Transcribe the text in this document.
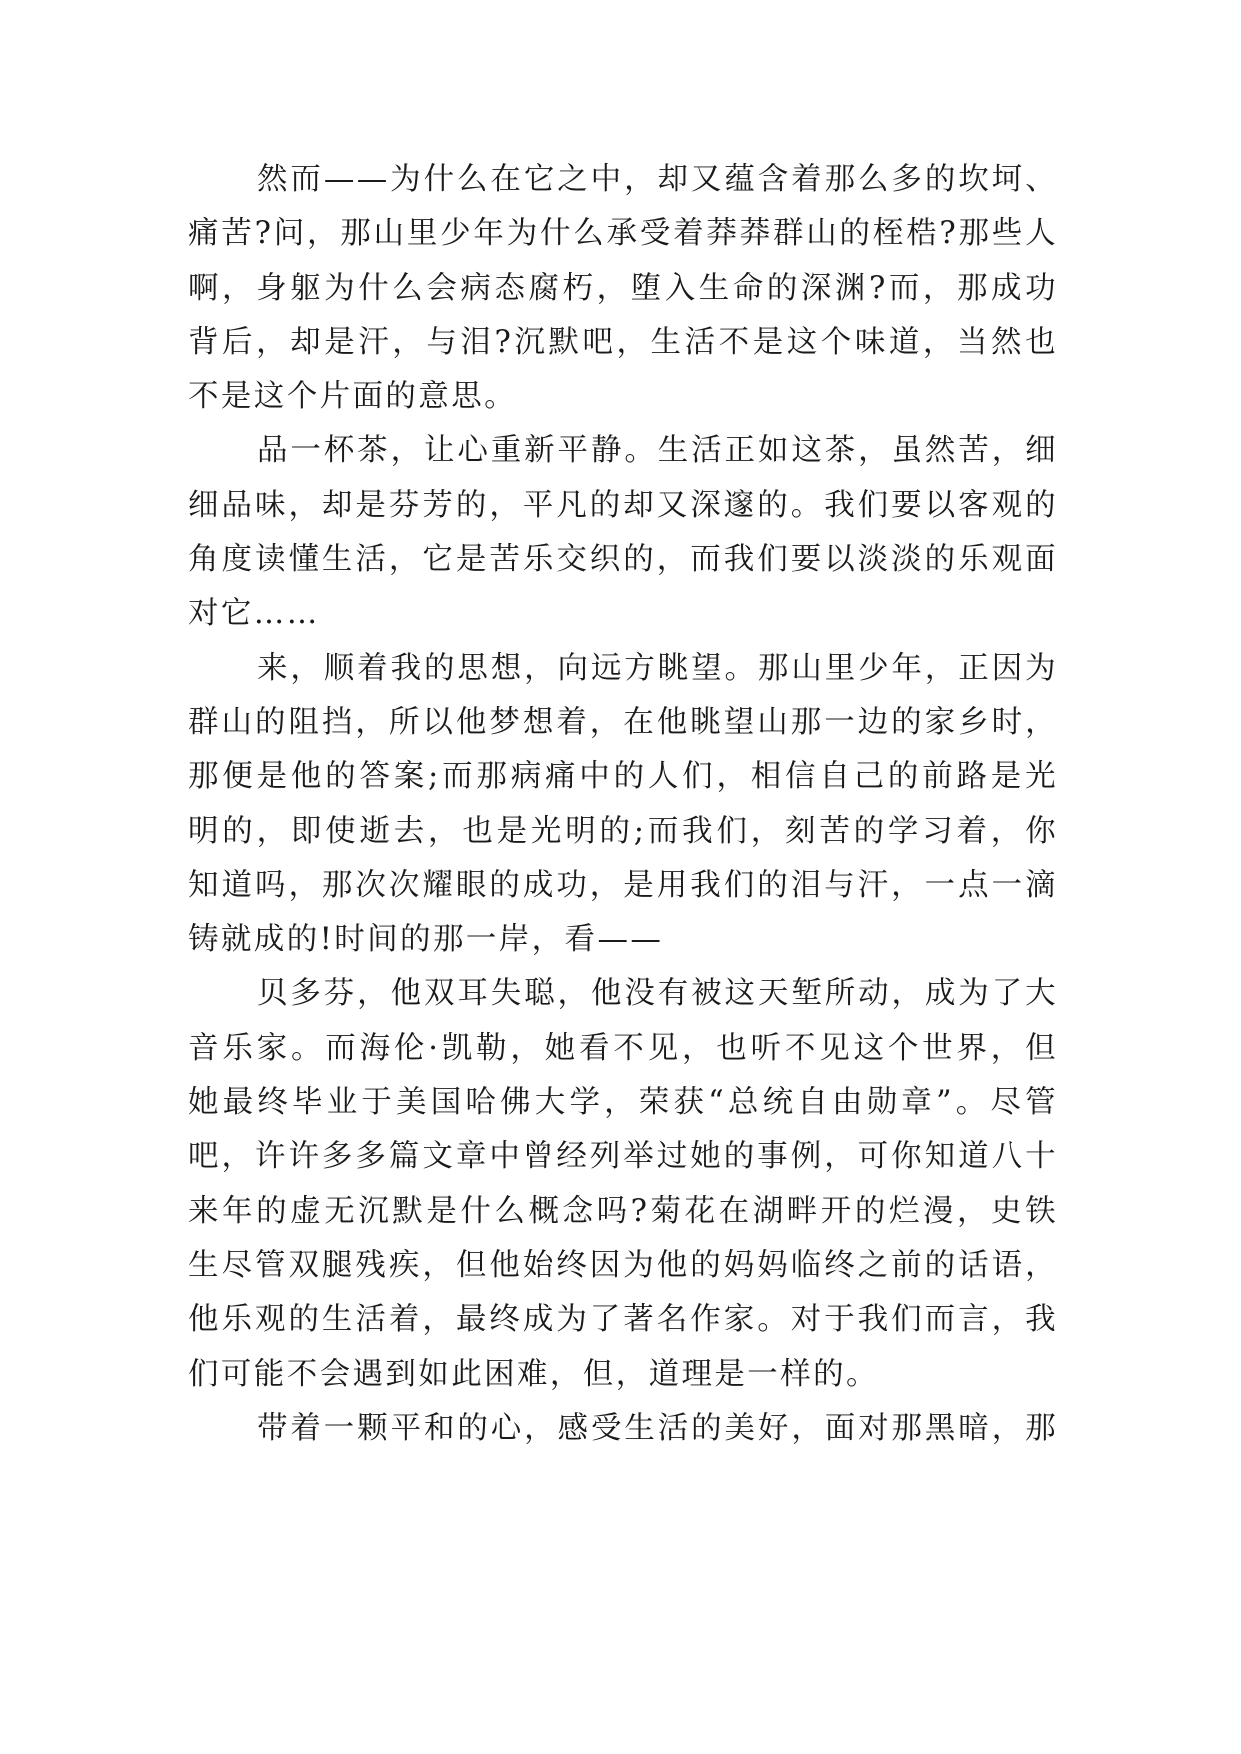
然而——为什么在它之中，却又蕴含着那么多的坎坷、
痛苦?问，那山里少年为什么承受着莽莽群山的桎梏?那些人
啊，身躯为什么会病态腐朽，堕入生命的深渊?而，那成功
背后，却是汗，与泪?沉默吧，生活不是这个味道，当然也
不是这个片面的意思。
品一杯茶，让心重新平静。生活正如这茶，虽然苦，细
细品味，却是芬芳的，平凡的却又深邃的。我们要以客观的
角度读懂生活，它是苦乐交织的，而我们要以淡淡的乐观面
对它……
来，顺着我的思想，向远方眺望。那山里少年，正因为
群山的阻挡，所以他梦想着，在他眺望山那一边的家乡时，
那便是他的答案;而那病痛中的人们，相信自己的前路是光
明的，即使逝去，也是光明的;而我们，刻苦的学习着，你
知道吗，那次次耀眼的成功，是用我们的泪与汗，一点一滴
铸就成的!时间的那一岸，看——
贝多芬，他双耳失聪，他没有被这天堑所动，成为了大
音乐家。而海伦·凯勒，她看不见，也听不见这个世界，但
她最终毕业于美国哈佛大学，荣获“总统自由勋章”。尽管
吧，许许多多篇文章中曾经列举过她的事例，可你知道八十
来年的虚无沉默是什么概念吗?菊花在湖畔开的烂漫，史铁
生尽管双腿残疾，但他始终因为他的妈妈临终之前的话语，
他乐观的生活着，最终成为了著名作家。对于我们而言，我
们可能不会遇到如此困难，但，道理是一样的。
带着一颗平和的心，感受生活的美好，面对那黑暗，那
